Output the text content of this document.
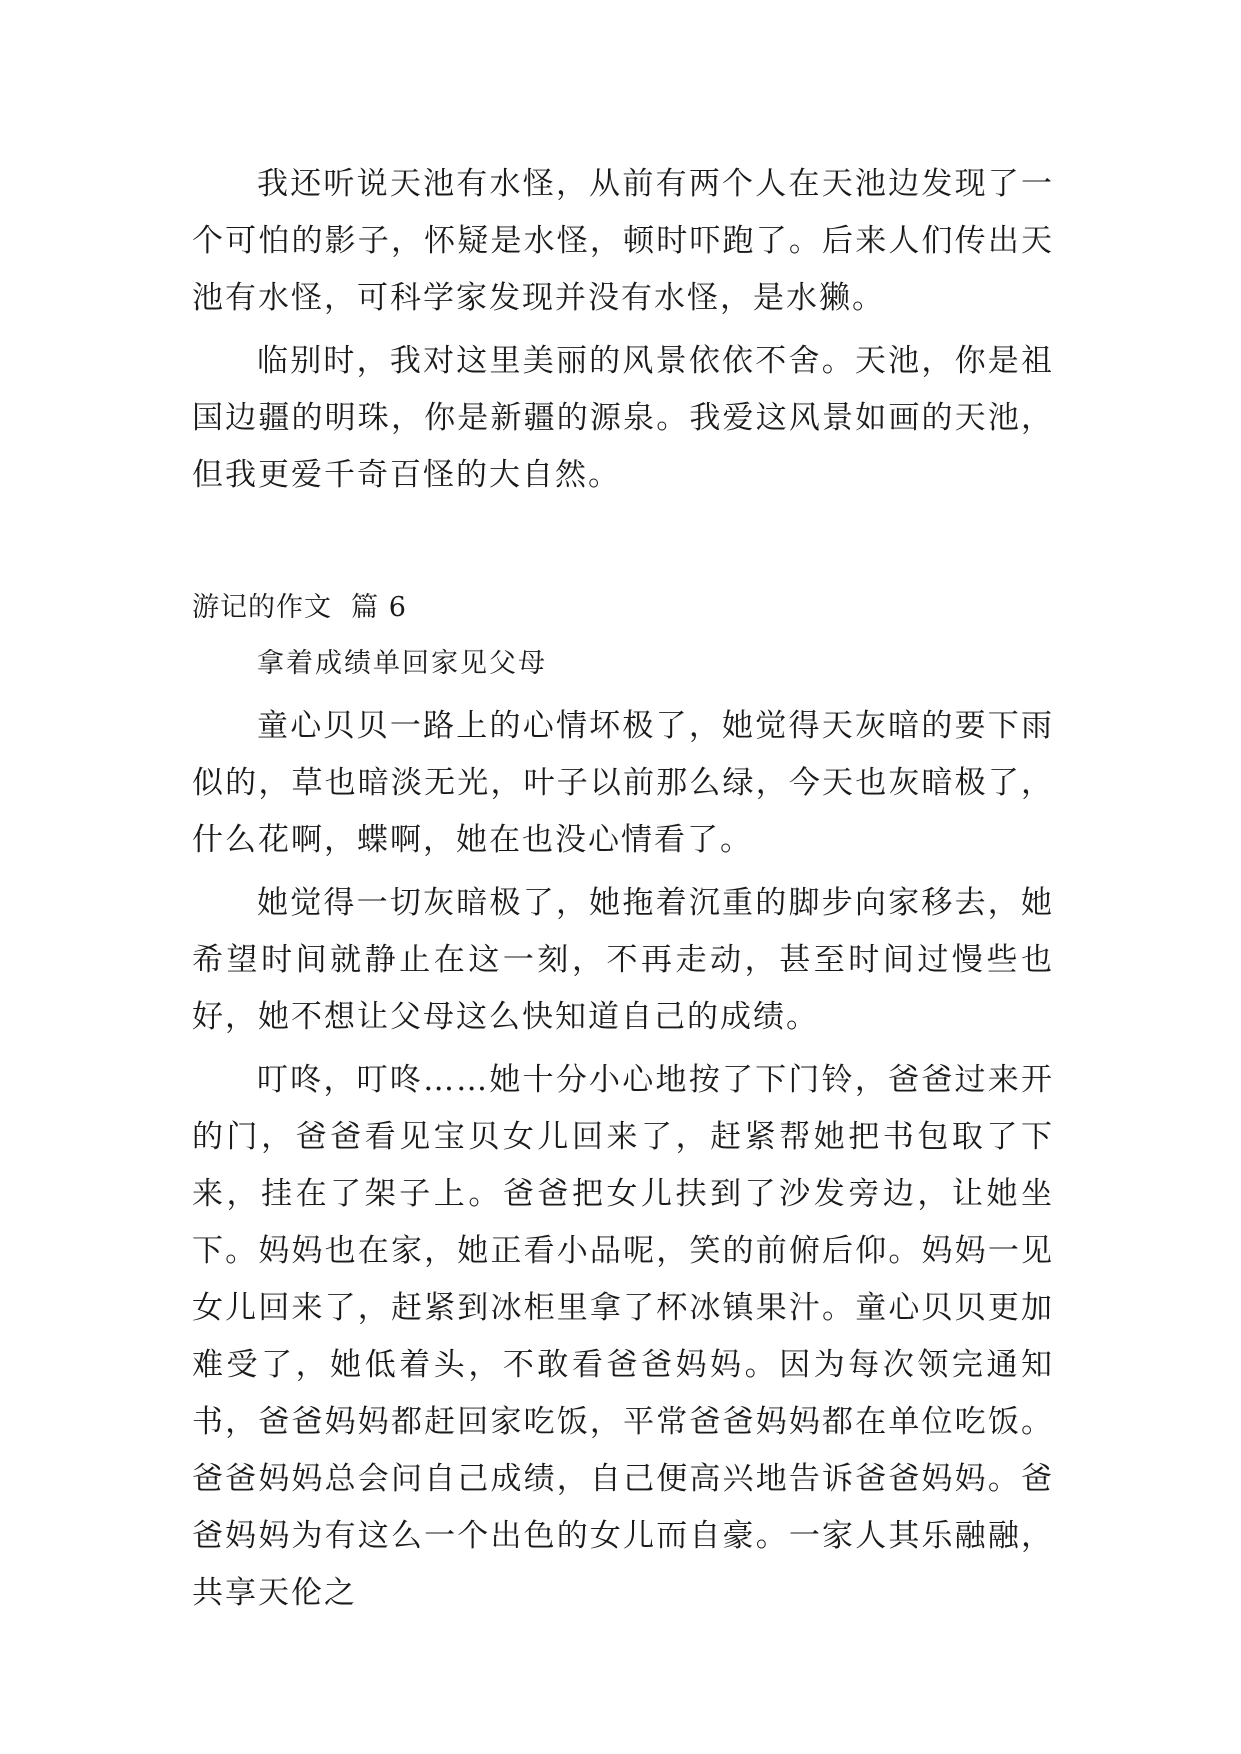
我还听说天池有水怪，从前有两个人在天池边发现了一个可怕的影子，怀疑是水怪，顿时吓跑了。后来人们传出天池有水怪，可科学家发现并没有水怪，是水獭。

临别时，我对这里美丽的风景依依不舍。天池，你是祖国边疆的明珠，你是新疆的源泉。我爱这风景如画的天池，但我更爱千奇百怪的大自然。

游记的作文  篇 6

拿着成绩单回家见父母

童心贝贝一路上的心情坏极了，她觉得天灰暗的要下雨似的，草也暗淡无光，叶子以前那么绿，今天也灰暗极了，什么花啊，蝶啊，她在也没心情看了。

她觉得一切灰暗极了，她拖着沉重的脚步向家移去，她希望时间就静止在这一刻，不再走动，甚至时间过慢些也好，她不想让父母这么快知道自己的成绩。

叮咚，叮咚……她十分小心地按了下门铃，爸爸过来开的门，爸爸看见宝贝女儿回来了，赶紧帮她把书包取了下来，挂在了架子上。爸爸把女儿扶到了沙发旁边，让她坐下。妈妈也在家，她正看小品呢，笑的前俯后仰。妈妈一见女儿回来了，赶紧到冰柜里拿了杯冰镇果汁。童心贝贝更加难受了，她低着头，不敢看爸爸妈妈。因为每次领完通知书，爸爸妈妈都赶回家吃饭，平常爸爸妈妈都在单位吃饭。爸爸妈妈总会问自己成绩，自己便高兴地告诉爸爸妈妈。爸爸妈妈为有这么一个出色的女儿而自豪。一家人其乐融融，共享天伦之
